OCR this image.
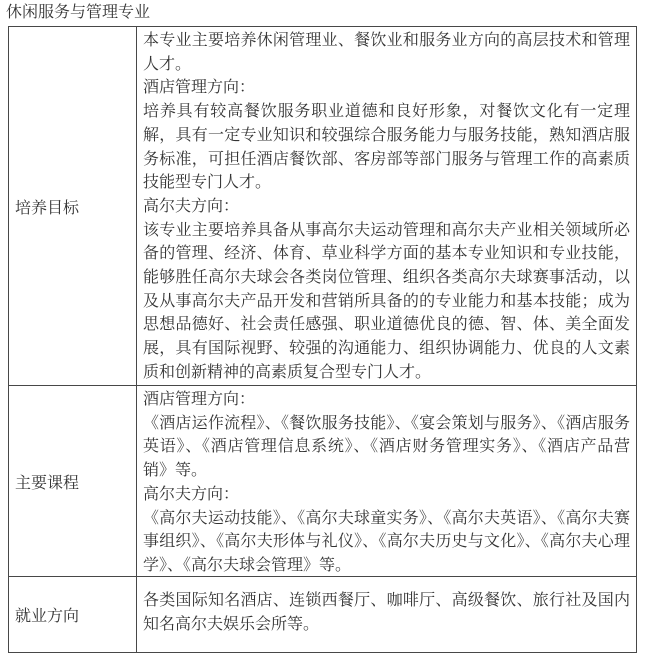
休闲服务与管理专业
培养目标

本专业主要培养休闲管理业、餐饮业和服务业方向的高层技术和管理人才。

酒店管理方向：

培养具有较高餐饮服务职业道德和良好形象，对餐饮文化有一定理解，具有一定专业知识和较强综合服务能力与服务技能，熟知酒店服务标准，可担任酒店餐饮部、客房部等部门服务与管理工作的高素质技能型专门人才。

高尔夫方向：

该专业主要培养具备从事高尔夫运动管理和高尔夫产业相关领域所必备的管理、经济、体育、草业科学方面的基本专业知识和专业技能，能够胜任高尔夫球会各类岗位管理、组织各类高尔夫球赛事活动，以及从事高尔夫产品开发和营销所具备的的专业能力和基本技能；成为思想品德好、社会责任感强、职业道德优良的德、智、体、美全面发展，具有国际视野、较强的沟通能力、组织协调能力、优良的人文素质和创新精神的高素质复合型专门人才。

主要课程

酒店管理方向：

《酒店运作流程》、《餐饮服务技能》、《宴会策划与服务》、《酒店服务英语》、《酒店管理信息系统》、《酒店财务管理实务》、《酒店产品营销》等。

高尔夫方向：

《高尔夫运动技能》、《高尔夫球童实务》、《高尔夫英语》、《高尔夫赛事组织》、《高尔夫形体与礼仪》、《高尔夫历史与文化》、《高尔夫心理学》、《高尔夫球会管理》等。

就业方向

各类国际知名酒店、连锁西餐厅、咖啡厅、高级餐饮、旅行社及国内知名高尔夫娱乐会所等。
